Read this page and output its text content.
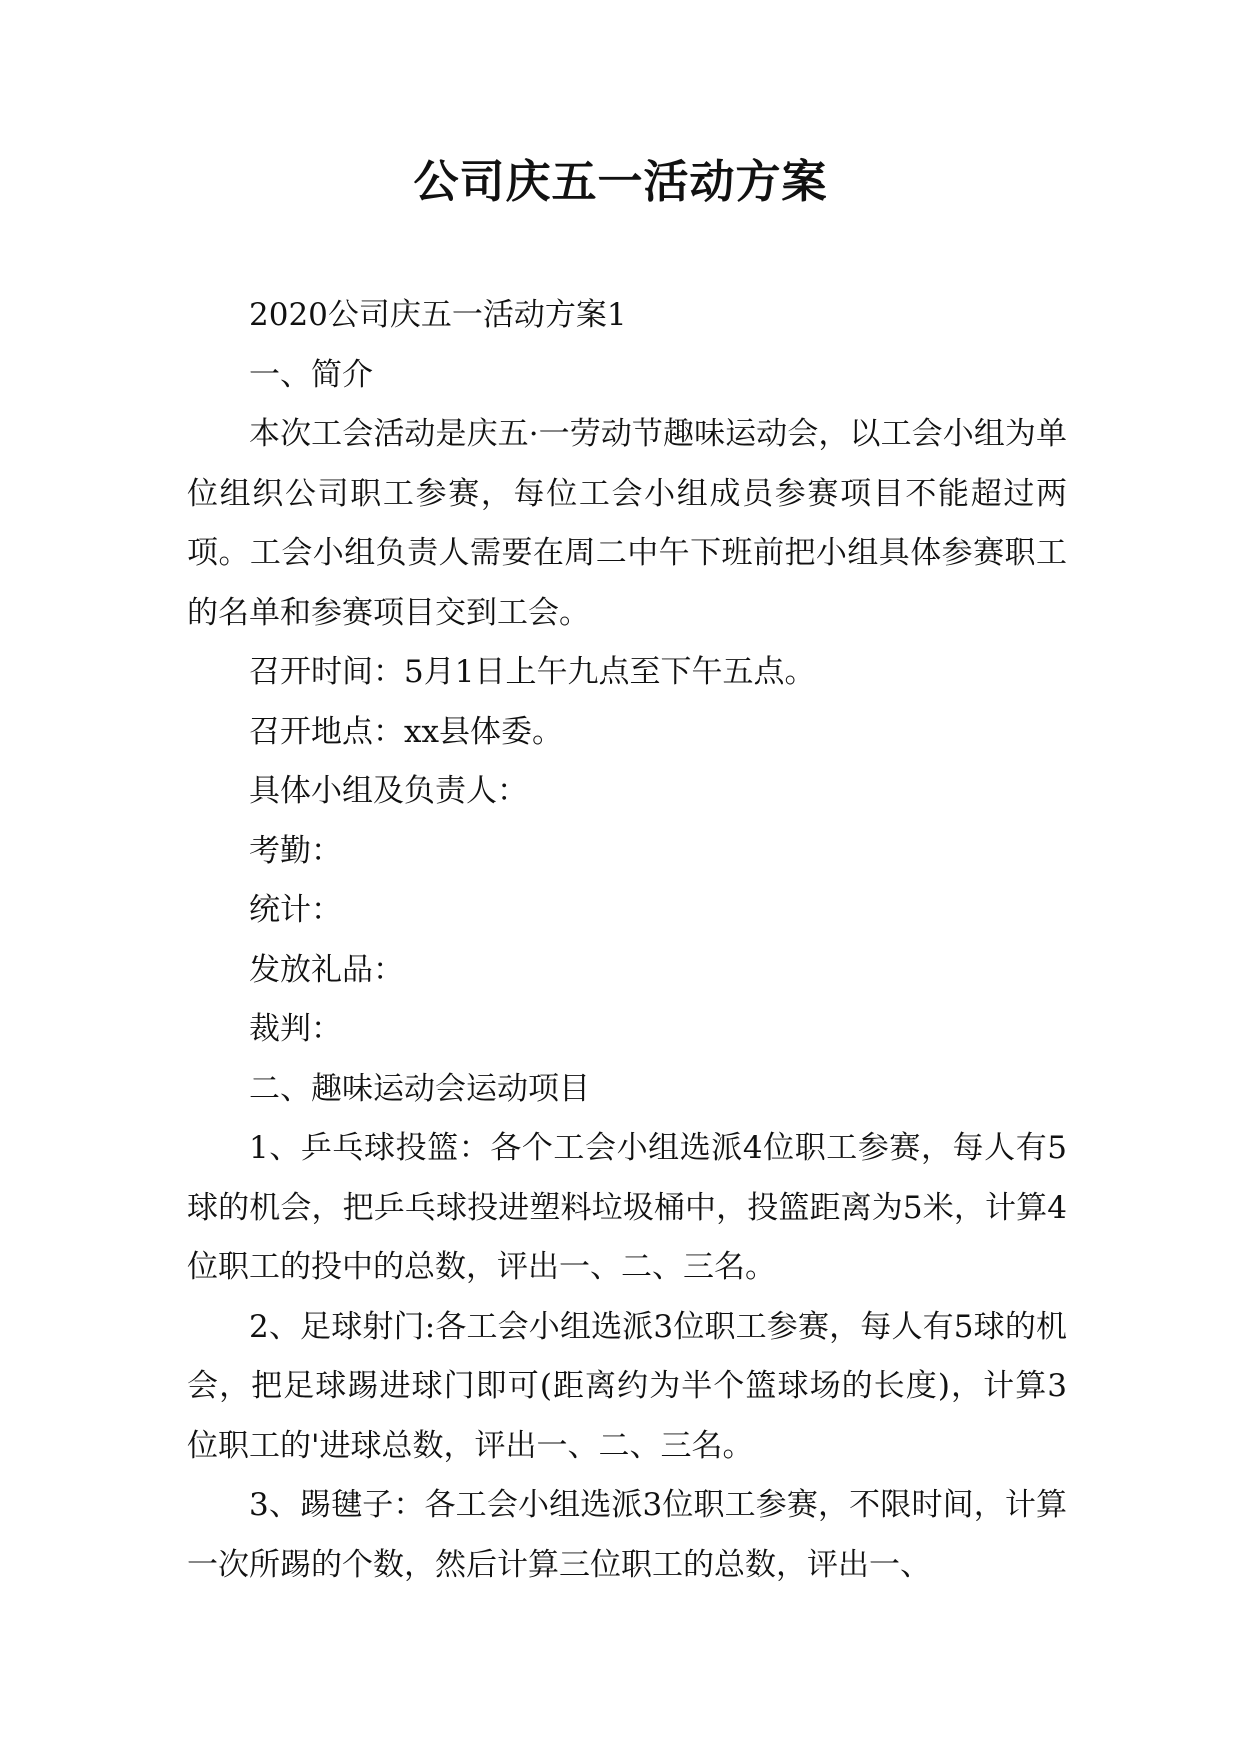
公司庆五一活动方案

2020公司庆五一活动方案1

一、简介

本次工会活动是庆五·一劳动节趣味运动会，以工会小组为单位组织公司职工参赛，每位工会小组成员参赛项目不能超过两项。工会小组负责人需要在周二中午下班前把小组具体参赛职工的名单和参赛项目交到工会。

召开时间：5月1日上午九点至下午五点。

召开地点：xx县体委。

具体小组及负责人：

考勤：

统计：

发放礼品：

裁判：

二、趣味运动会运动项目

1、乒乓球投篮：各个工会小组选派4位职工参赛，每人有5球的机会，把乒乓球投进塑料垃圾桶中，投篮距离为5米，计算4位职工的投中的总数，评出一、二、三名。

2、足球射门:各工会小组选派3位职工参赛，每人有5球的机会，把足球踢进球门即可(距离约为半个篮球场的长度)，计算3位职工的'进球总数，评出一、二、三名。

3、踢毽子：各工会小组选派3位职工参赛，不限时间，计算一次所踢的个数，然后计算三位职工的总数，评出一、
